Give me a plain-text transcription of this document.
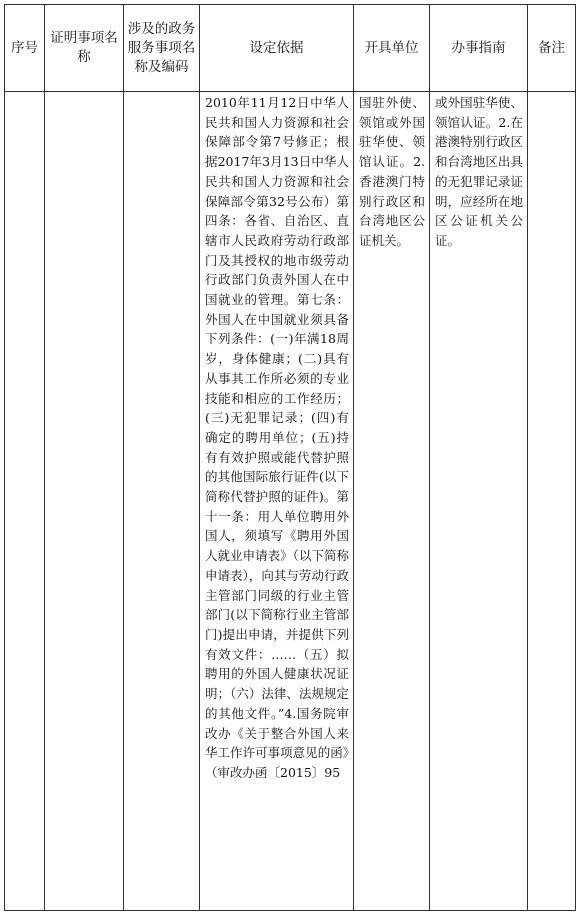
序号	证明事项名称	涉及的政务服务事项名称及编码	设定依据	开具单位	办事指南	备注

			2010年11月12日中华人民共和国人力资源和社会保障部令第7号修正；根据2017年3月13日中华人民共和国人力资源和社会保障部令第32号公布）第四条：各省、自治区、直辖市人民政府劳动行政部门及其授权的地市级劳动行政部门负责外国人在中国就业的管理。第七条：外国人在中国就业须具备下列条件：(一)年满18周岁，身体健康；(二)具有从事其工作所必须的专业技能和相应的工作经历；(三)无犯罪记录；(四)有确定的聘用单位；(五)持有有效护照或能代替护照的其他国际旅行证件(以下简称代替护照的证件)。第十一条：用人单位聘用外国人，须填写《聘用外国人就业申请表》（以下简称申请表），向其与劳动行政主管部门同级的行业主管部门(以下简称行业主管部门)提出申请，并提供下列有效文件：……（五）拟聘用的外国人健康状况证明；（六）法律、法规规定的其他文件。”4.国务院审改办《关于整合外国人来华工作许可事项意见的函》（审改办函〔2015〕95	国驻外使、领馆或外国驻华使、领馆认证。2.香港澳门特别行政区和台湾地区公证机关。	或外国驻华使、领馆认证。2.在港澳特别行政区和台湾地区出具的无犯罪记录证明，应经所在地区公证机关公证。	
